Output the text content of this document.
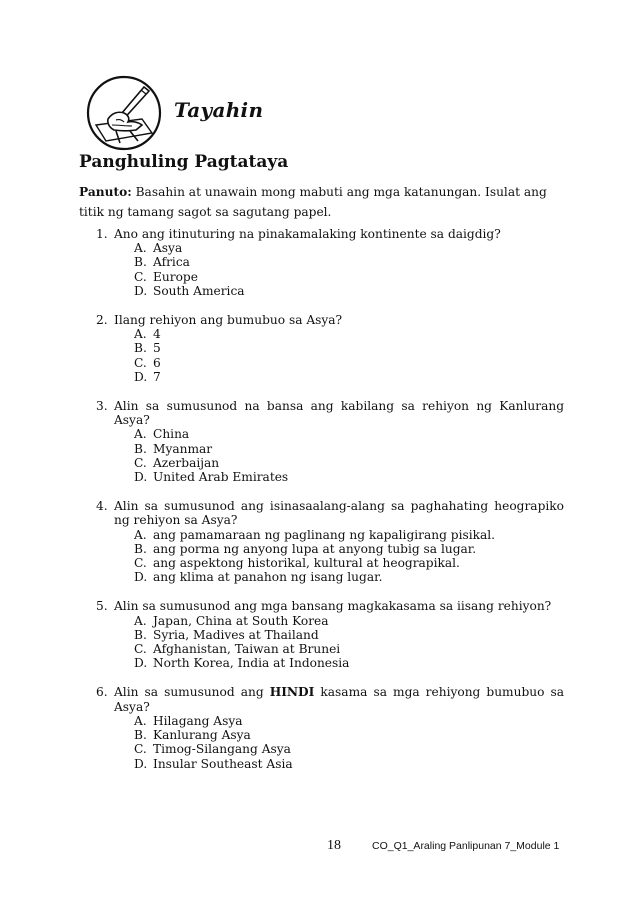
Tayahin
Panghuling Pagtataya
Panuto: Basahin at unawain mong mabuti ang mga katanungan. Isulat ang titik ng tamang sagot sa sagutang papel.
1. Ano ang itinuturing na pinakamalaking kontinente sa daigdig?
A. Asya
B. Africa
C. Europe
D. South America
2. Ilang rehiyon ang bumubuo sa Asya?
A. 4
B. 5
C. 6
D. 7
3. Alin sa sumusunod na bansa ang kabilang sa rehiyon ng Kanlurang Asya?
A. China
B. Myanmar
C. Azerbaijan
D. United Arab Emirates
4. Alin sa sumusunod ang isinasaalang-alang sa paghahating heograpiko ng rehiyon sa Asya?
A. ang pamamaraan ng paglinang ng kapaligirang pisikal.
B. ang porma ng anyong lupa at anyong tubig sa lugar.
C. ang aspektong historikal, kultural at heograpikal.
D. ang klima at panahon ng isang lugar.
5. Alin sa sumusunod ang mga bansang magkakasama sa iisang rehiyon?
A. Japan, China at South Korea
B. Syria, Madives at Thailand
C. Afghanistan, Taiwan at Brunei
D. North Korea, India at Indonesia
6. Alin sa sumusunod ang HINDI kasama sa mga rehiyong bumubuo sa Asya?
A. Hilagang Asya
B. Kanlurang Asya
C. Timog-Silangang Asya
D. Insular Southeast Asia
18	CO_Q1_Araling Panlipunan 7_Module 1
